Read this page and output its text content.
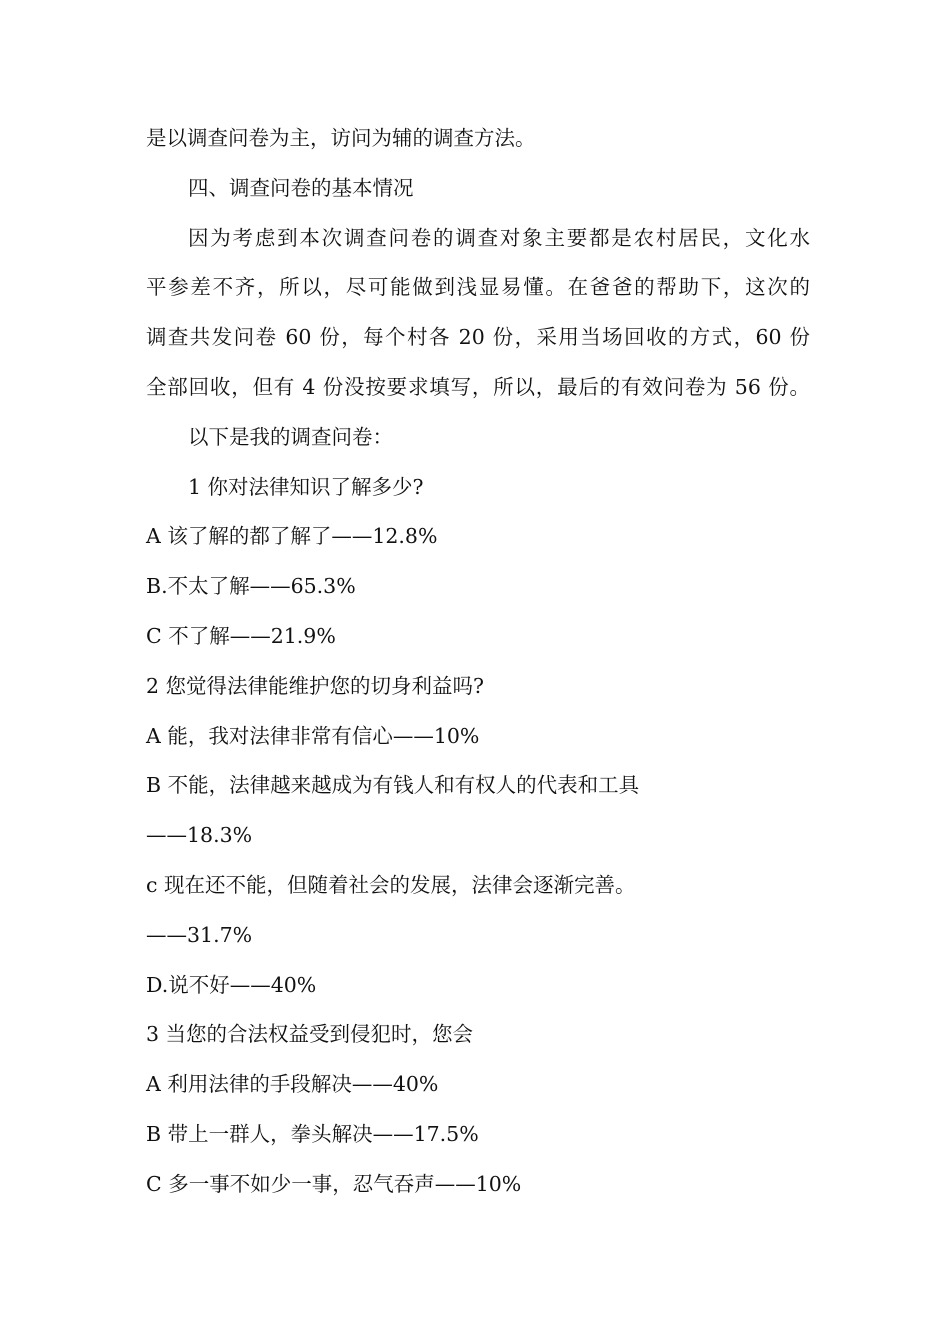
是以调查问卷为主，访问为辅的调查方法。
四、调查问卷的基本情况
因为考虑到本次调查问卷的调查对象主要都是农村居民，文化水
平参差不齐，所以，尽可能做到浅显易懂。在爸爸的帮助下，这次的
调查共发问卷 60 份，每个村各 20 份，采用当场回收的方式，60 份
全部回收，但有 4 份没按要求填写，所以，最后的有效问卷为 56 份。
以下是我的调查问卷：
1 你对法律知识了解多少?
A 该了解的都了解了——12.8%
B.不太了解——65.3%
C 不了解——21.9%
2 您觉得法律能维护您的切身利益吗?
A 能，我对法律非常有信心——10%
B 不能，法律越来越成为有钱人和有权人的代表和工具
——18.3%
c 现在还不能，但随着社会的发展，法律会逐渐完善。
——31.7%
D.说不好——40%
3 当您的合法权益受到侵犯时，您会
A 利用法律的手段解决——40%
B 带上一群人，拳头解决——17.5%
C 多一事不如少一事，忍气吞声——10%
